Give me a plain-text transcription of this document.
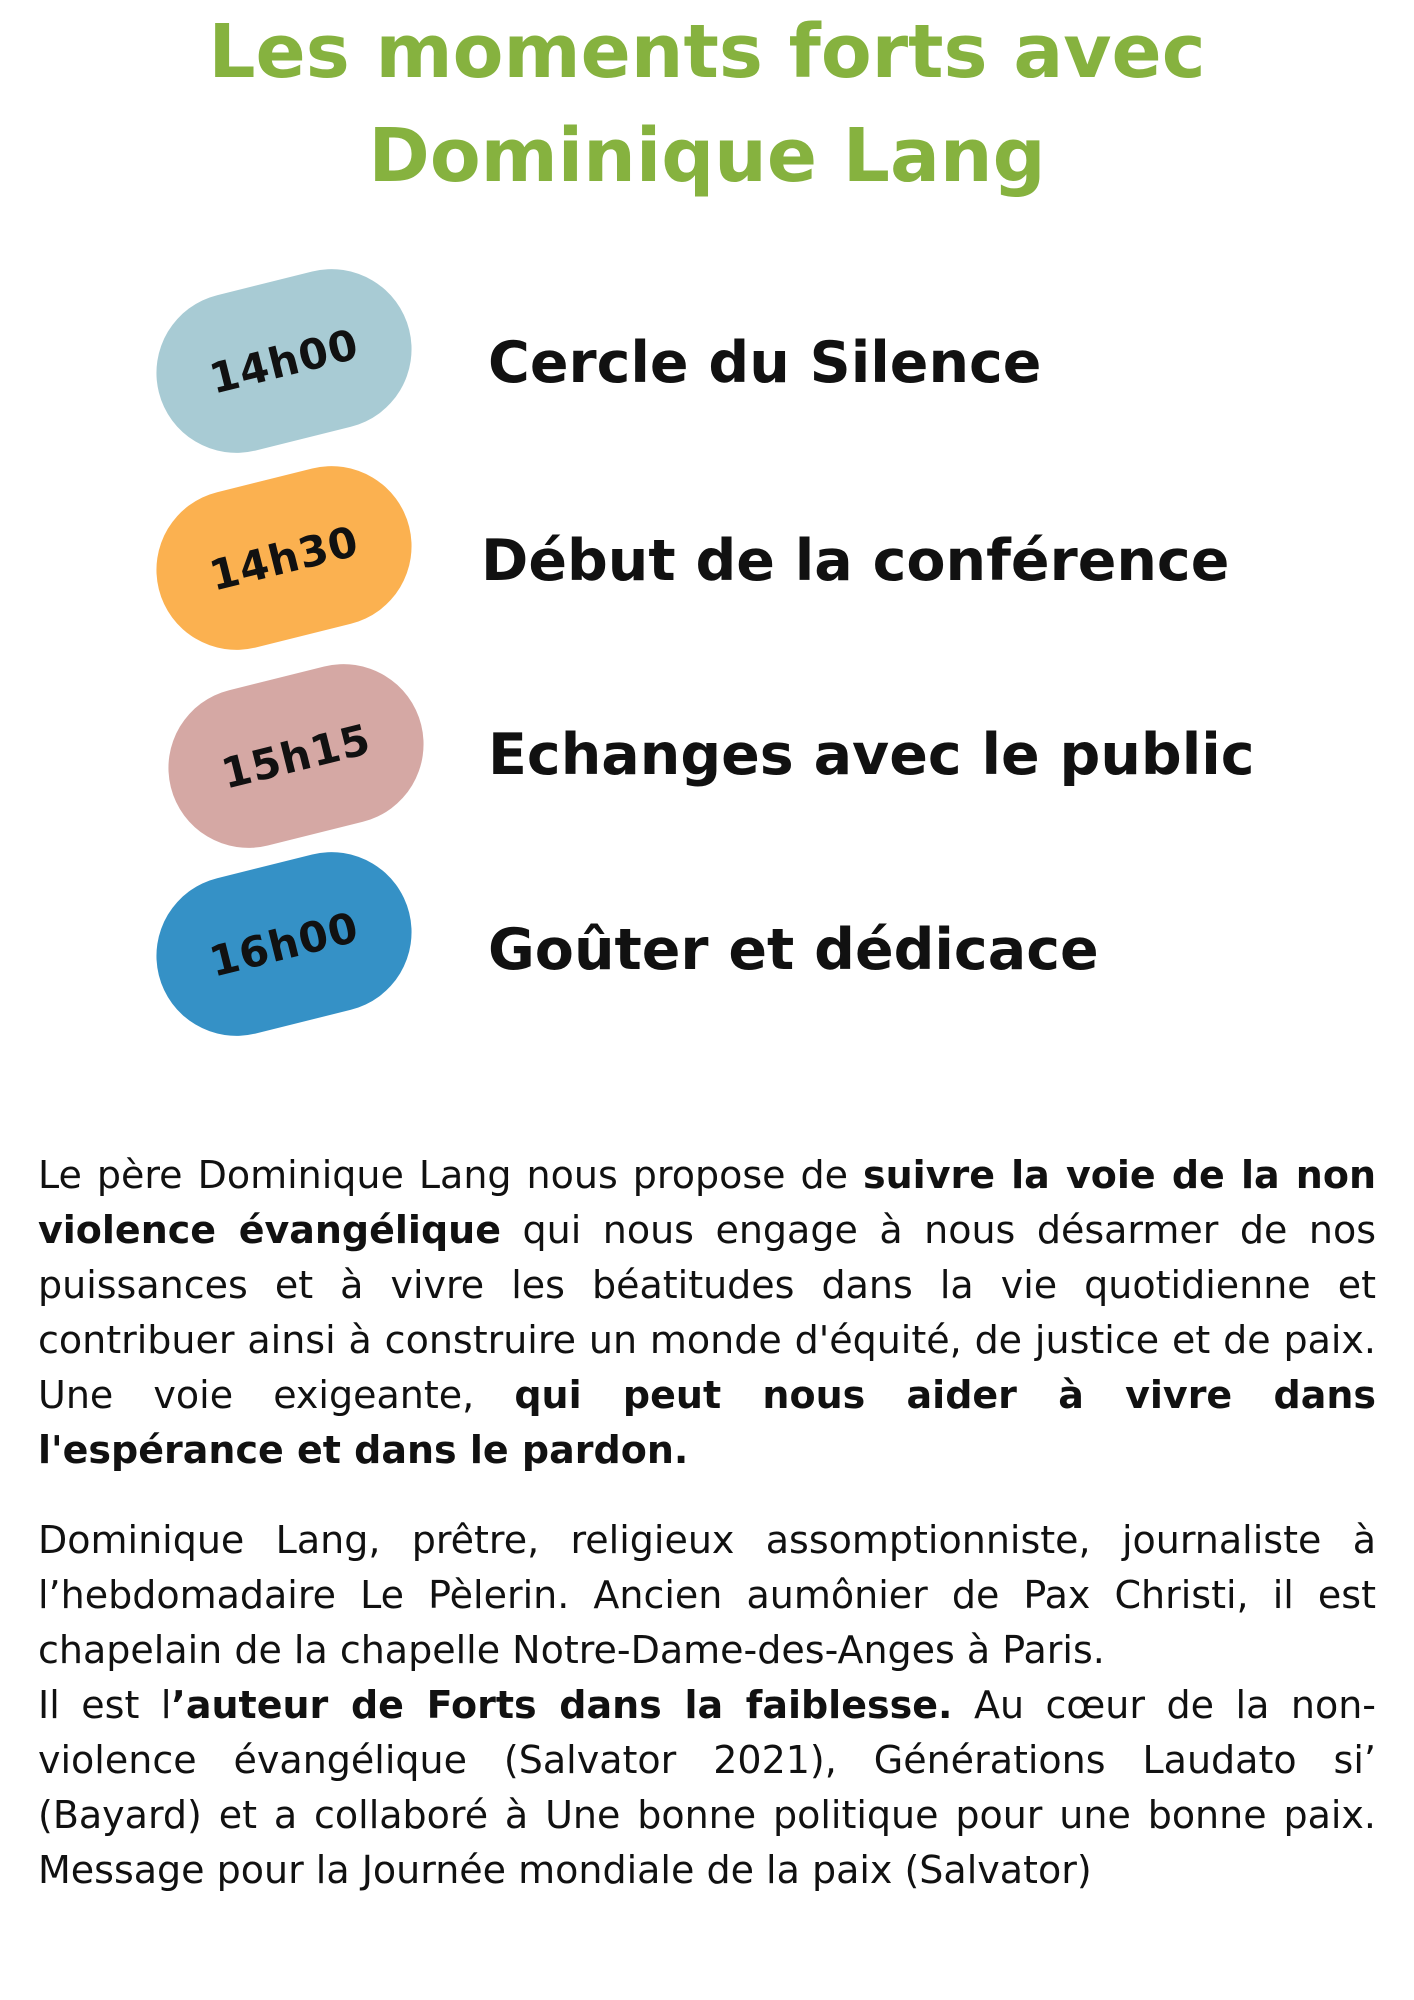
Les moments forts avec
Dominique Lang
14h00 Cercle du Silence
14h30 Début de la conférence
15h15 Echanges avec le public
16h00 Goûter et dédicace

Le père Dominique Lang nous propose de suivre la voie de la non violence évangélique qui nous engage à nous désarmer de nos puissances et à vivre les béatitudes dans la vie quotidienne et contribuer ainsi à construire un monde d'équité, de justice et de paix. Une voie exigeante, qui peut nous aider à vivre dans l'espérance et dans le pardon.

Dominique Lang, prêtre, religieux assomptionniste, journaliste à l’hebdomadaire Le Pèlerin. Ancien aumônier de Pax Christi, il est chapelain de la chapelle Notre-Dame-des-Anges à Paris.
Il est l’auteur de Forts dans la faiblesse. Au cœur de la non-violence évangélique (Salvator 2021), Générations Laudato si’ (Bayard) et a collaboré à Une bonne politique pour une bonne paix. Message pour la Journée mondiale de la paix (Salvator)
